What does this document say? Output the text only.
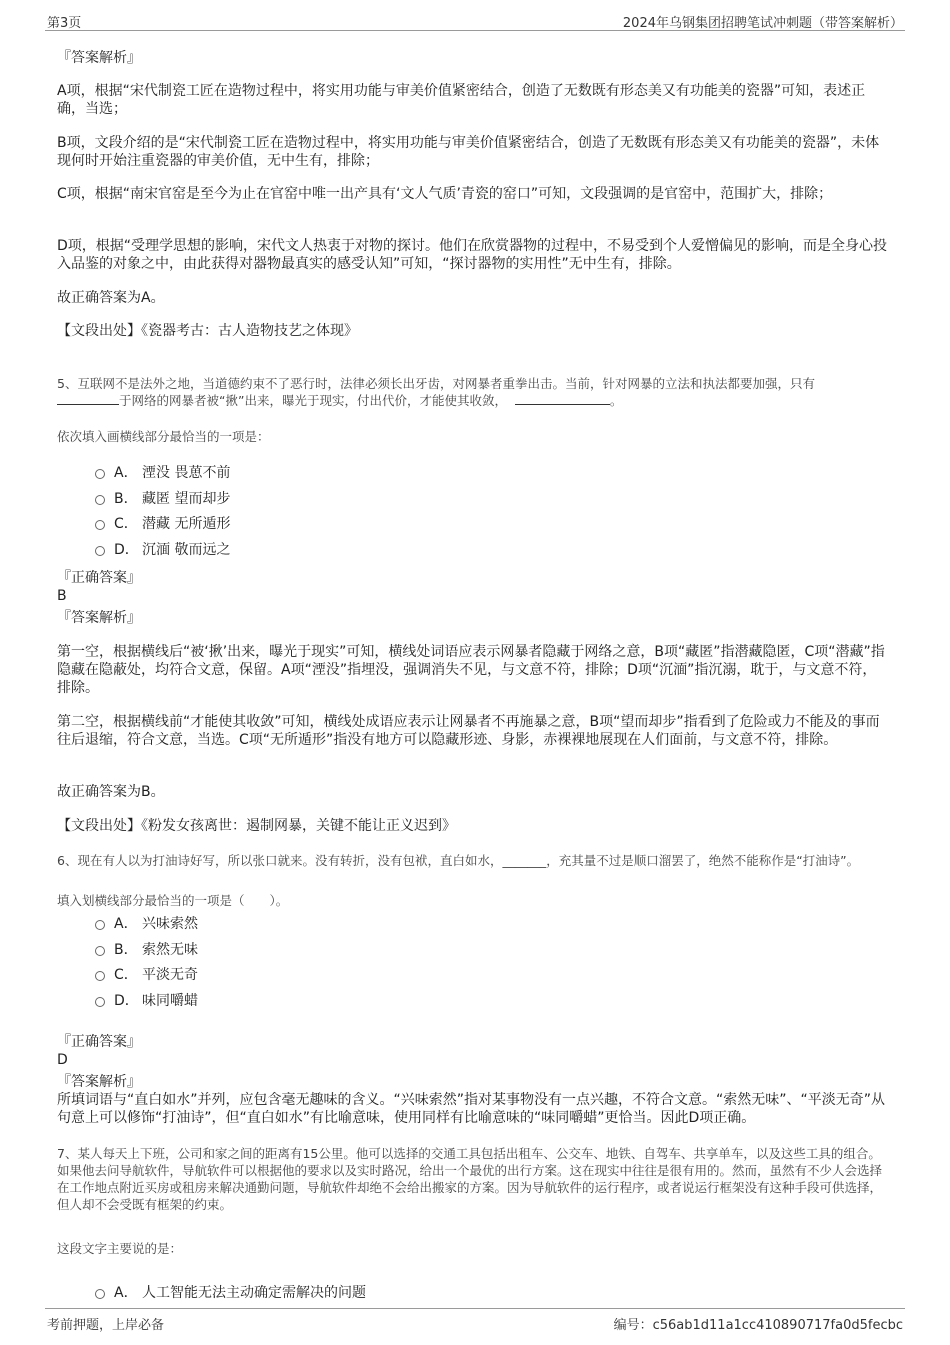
第3页	2024年乌钢集团招聘笔试冲刺题（带答案解析）
『答案解析』

A项，根据“宋代制瓷工匠在造物过程中，将实用功能与审美价值紧密结合，创造了无数既有形态美又有功能美的瓷器”可知，表述正确，当选；

B项，文段介绍的是“宋代制瓷工匠在造物过程中，将实用功能与审美价值紧密结合，创造了无数既有形态美又有功能美的瓷器”，未体现何时开始注重瓷器的审美价值，无中生有，排除；

C项，根据“南宋官窑是至今为止在官窑中唯一出产具有‘文人气质’青瓷的窑口”可知，文段强调的是官窑中，范围扩大，排除；

D项，根据“受理学思想的影响，宋代文人热衷于对物的探讨。他们在欣赏器物的过程中，不易受到个人爱憎偏见的影响，而是全身心投入品鉴的对象之中，由此获得对器物最真实的感受认知”可知，“探讨器物的实用性”无中生有，排除。

故正确答案为A。

【文段出处】《瓷器考古：古人造物技艺之体现》

5、互联网不是法外之地，当道德约束不了恶行时，法律必须长出牙齿，对网暴者重拳出击。当前，针对网暴的立法和执法都要加强，只有
于网络的网暴者被“揪”出来，曝光于现实，付出代价，才能使其收敛，	。

依次填入画横线部分最恰当的一项是：

A． 湮没 畏葸不前
B． 藏匿 望而却步
C． 潜藏 无所遁形
D． 沉湎 敬而远之

『正确答案』

B

『答案解析』

第一空，根据横线后“被‘揪’出来，曝光于现实”可知，横线处词语应表示网暴者隐藏于网络之意，B项“藏匿”指潜藏隐匿，C项“潜藏”指隐藏在隐蔽处，均符合文意，保留。A项“湮没”指埋没，强调消失不见，与文意不符，排除；D项“沉湎”指沉溺，耽于，与文意不符，排除。

第二空，根据横线前“才能使其收敛”可知，横线处成语应表示让网暴者不再施暴之意，B项“望而却步”指看到了危险或力不能及的事而往后退缩，符合文意，当选。C项“无所遁形”指没有地方可以隐藏形迹、身影，赤裸裸地展现在人们面前，与文意不符，排除。

故正确答案为B。

【文段出处】《粉发女孩离世：遏制网暴，关键不能让正义迟到》

6、现在有人以为打油诗好写，所以张口就来。没有转折，没有包袱，直白如水，_______，充其量不过是顺口溜罢了，绝然不能称作是“打油诗”。

填入划横线部分最恰当的一项是（　　）。

A． 兴味索然
B． 索然无味
C． 平淡无奇
D． 味同嚼蜡

『正确答案』

D

『答案解析』

所填词语与“直白如水”并列，应包含毫无趣味的含义。“兴味索然”指对某事物没有一点兴趣，不符合文意。“索然无味”、“平淡无奇”从句意上可以修饰“打油诗”，但“直白如水”有比喻意味，使用同样有比喻意味的“味同嚼蜡”更恰当。因此D项正确。

7、某人每天上下班，公司和家之间的距离有15公里。他可以选择的交通工具包括出租车、公交车、地铁、自驾车、共享单车，以及这些工具的组合。如果他去问导航软件，导航软件可以根据他的要求以及实时路况，给出一个最优的出行方案。这在现实中往往是很有用的。然而，虽然有不少人会选择在工作地点附近买房或租房来解决通勤问题，导航软件却绝不会给出搬家的方案。因为导航软件的运行程序，或者说运行框架没有这种手段可供选择，但人却不会受既有框架的约束。

这段文字主要说的是：

A． 人工智能无法主动确定需解决的问题
考前押题，上岸必备	编号：c56ab1d11a1cc410890717fa0d5fecbc
